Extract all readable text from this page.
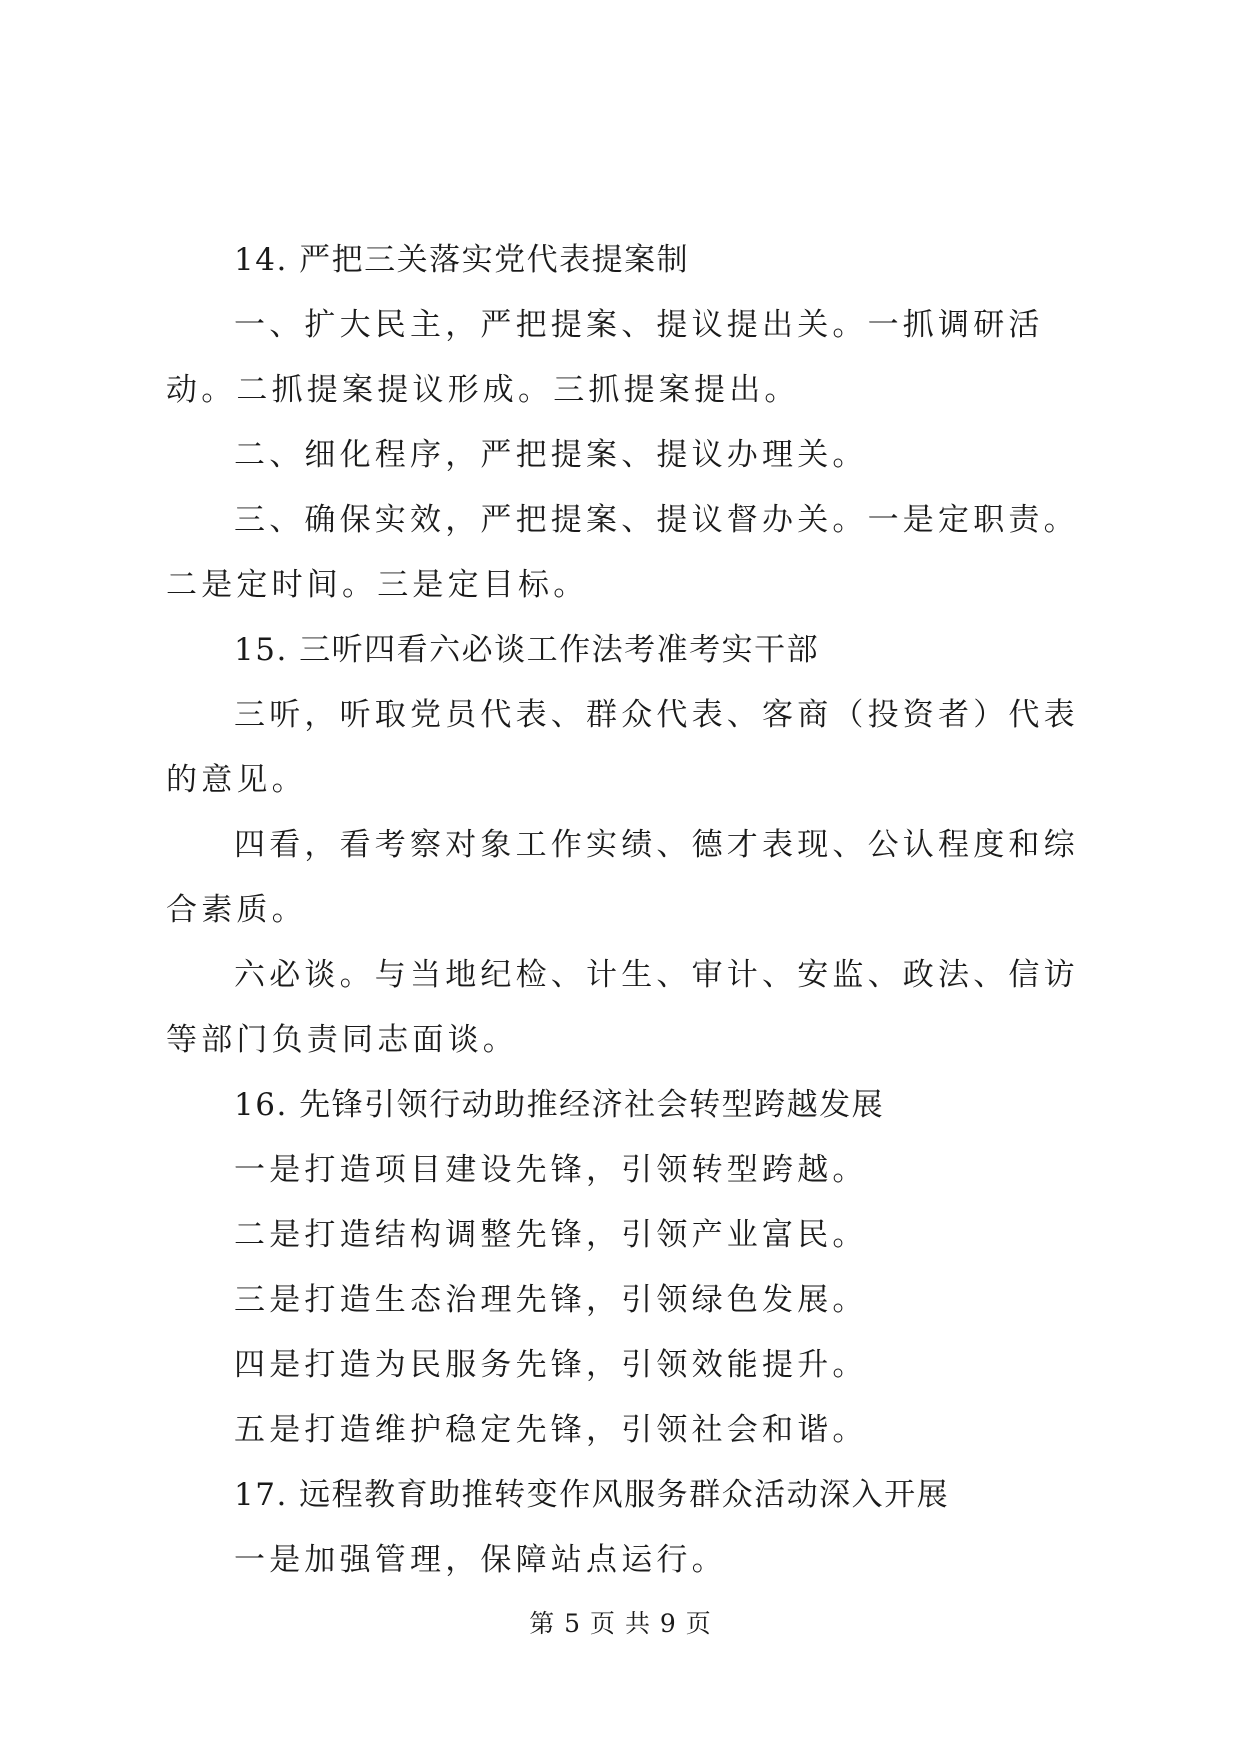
14. 严把三关落实党代表提案制

一、扩大民主，严把提案、提议提出关。一抓调研活动。二抓提案提议形成。三抓提案提出。

二、细化程序，严把提案、提议办理关。

三、确保实效，严把提案、提议督办关。一是定职责。二是定时间。三是定目标。

15. 三听四看六必谈工作法考准考实干部

三听，听取党员代表、群众代表、客商（投资者）代表的意见。

四看，看考察对象工作实绩、德才表现、公认程度和综合素质。

六必谈。与当地纪检、计生、审计、安监、政法、信访等部门负责同志面谈。

16. 先锋引领行动助推经济社会转型跨越发展

一是打造项目建设先锋，引领转型跨越。

二是打造结构调整先锋，引领产业富民。

三是打造生态治理先锋，引领绿色发展。

四是打造为民服务先锋，引领效能提升。

五是打造维护稳定先锋，引领社会和谐。

17. 远程教育助推转变作风服务群众活动深入开展

一是加强管理，保障站点运行。

第 5 页 共 9 页
